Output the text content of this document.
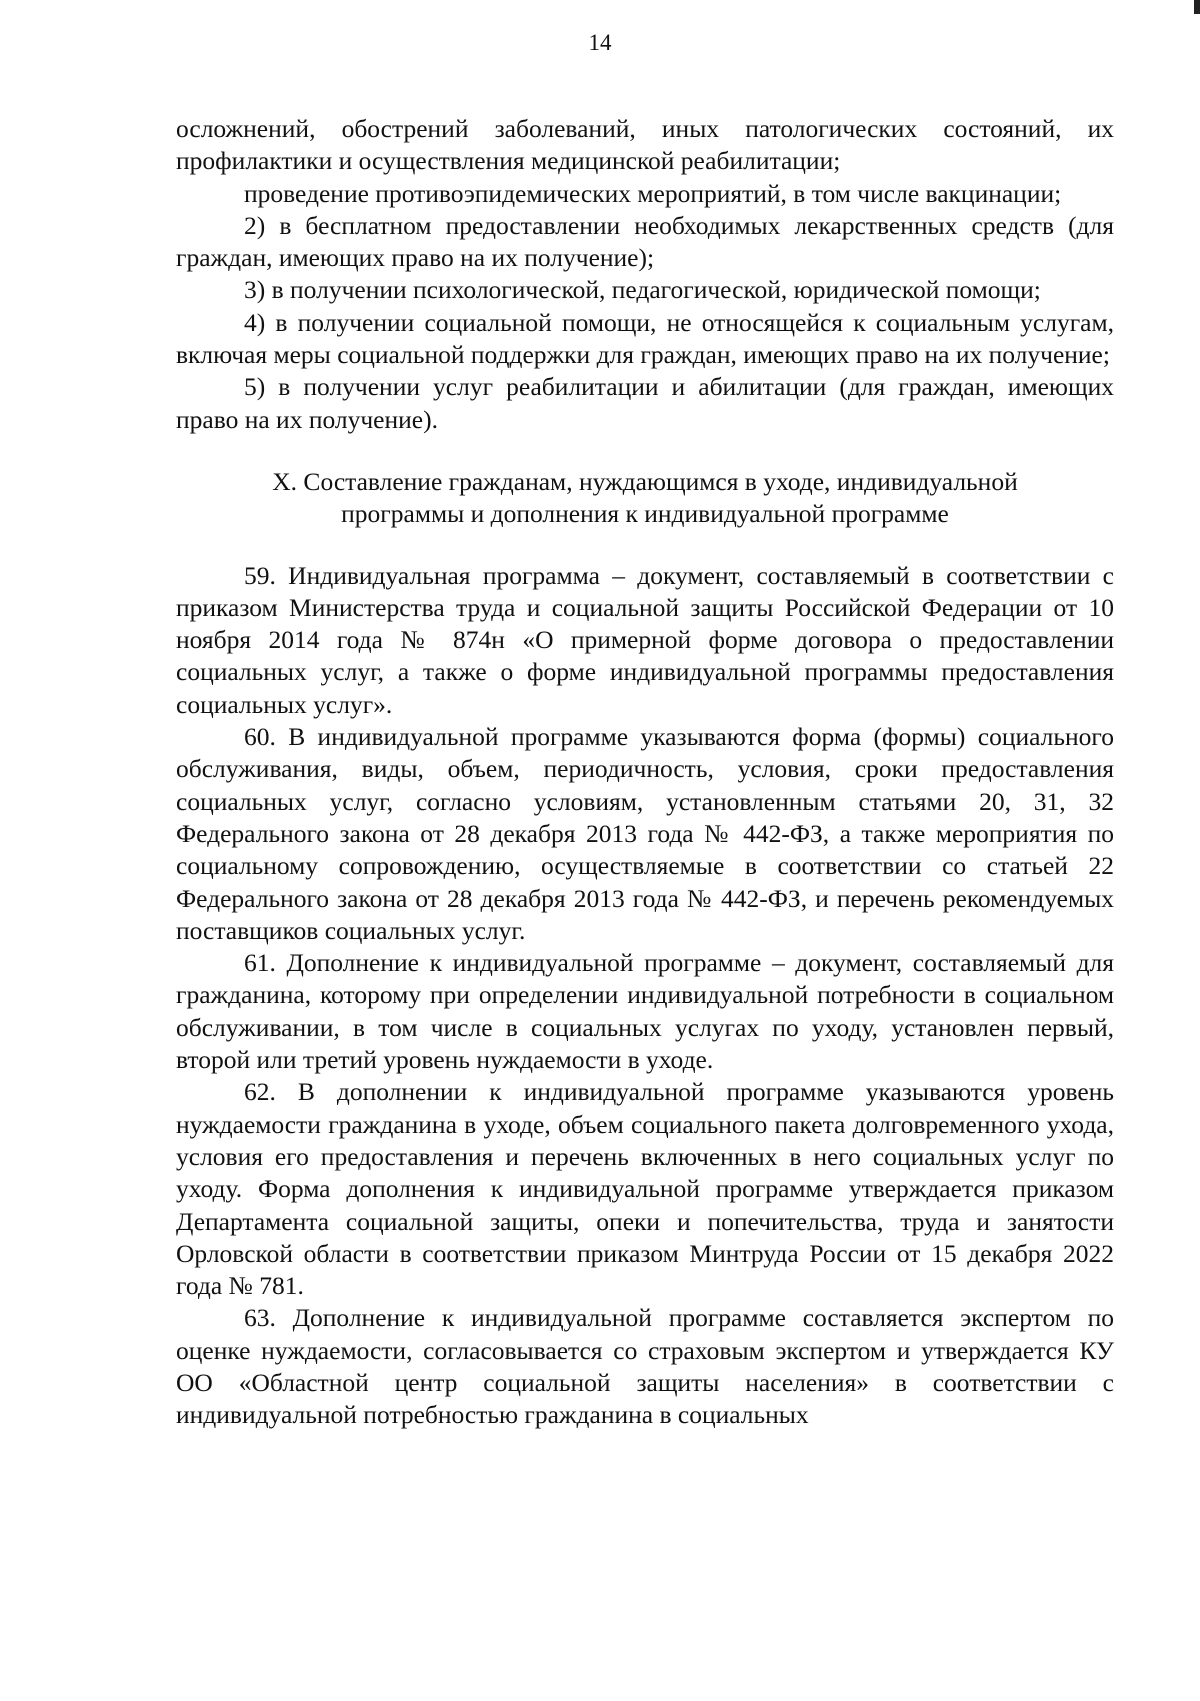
14

осложнений, обострений заболеваний, иных патологических состояний, их профилактики и осуществления медицинской реабилитации;

проведение противоэпидемических мероприятий, в том числе вакцинации;

2) в бесплатном предоставлении необходимых лекарственных средств (для граждан, имеющих право на их получение);

3) в получении психологической, педагогической, юридической помощи;

4) в получении социальной помощи, не относящейся к социальным услугам, включая меры социальной поддержки для граждан, имеющих право на их получение;

5) в получении услуг реабилитации и абилитации (для граждан, имеющих право на их получение).

X. Составление гражданам, нуждающимся в уходе, индивидуальной
программы и дополнения к индивидуальной программе

59. Индивидуальная программа – документ, составляемый в соответствии с приказом Министерства труда и социальной защиты Российской Федерации от 10 ноября 2014 года № 874н «О примерной форме договора о предоставлении социальных услуг, а также о форме индивидуальной программы предоставления социальных услуг».

60. В индивидуальной программе указываются форма (формы) социального обслуживания, виды, объем, периодичность, условия, сроки предоставления социальных услуг, согласно условиям, установленным статьями 20, 31, 32 Федерального закона от 28 декабря 2013 года № 442-ФЗ, а также мероприятия по социальному сопровождению, осуществляемые в соответствии со статьей 22 Федерального закона от 28 декабря 2013 года № 442-ФЗ, и перечень рекомендуемых поставщиков социальных услуг.

61. Дополнение к индивидуальной программе – документ, составляемый для гражданина, которому при определении индивидуальной потребности в социальном обслуживании, в том числе в социальных услугах по уходу, установлен первый, второй или третий уровень нуждаемости в уходе.

62. В дополнении к индивидуальной программе указываются уровень нуждаемости гражданина в уходе, объем социального пакета долговременного ухода, условия его предоставления и перечень включенных в него социальных услуг по уходу. Форма дополнения к индивидуальной программе утверждается приказом Департамента социальной защиты, опеки и попечительства, труда и занятости Орловской области в соответствии приказом Минтруда России от 15 декабря 2022 года № 781.

63. Дополнение к индивидуальной программе составляется экспертом по оценке нуждаемости, согласовывается со страховым экспертом и утверждается КУ ОО «Областной центр социальной защиты населения» в соответствии с индивидуальной потребностью гражданина в социальных
